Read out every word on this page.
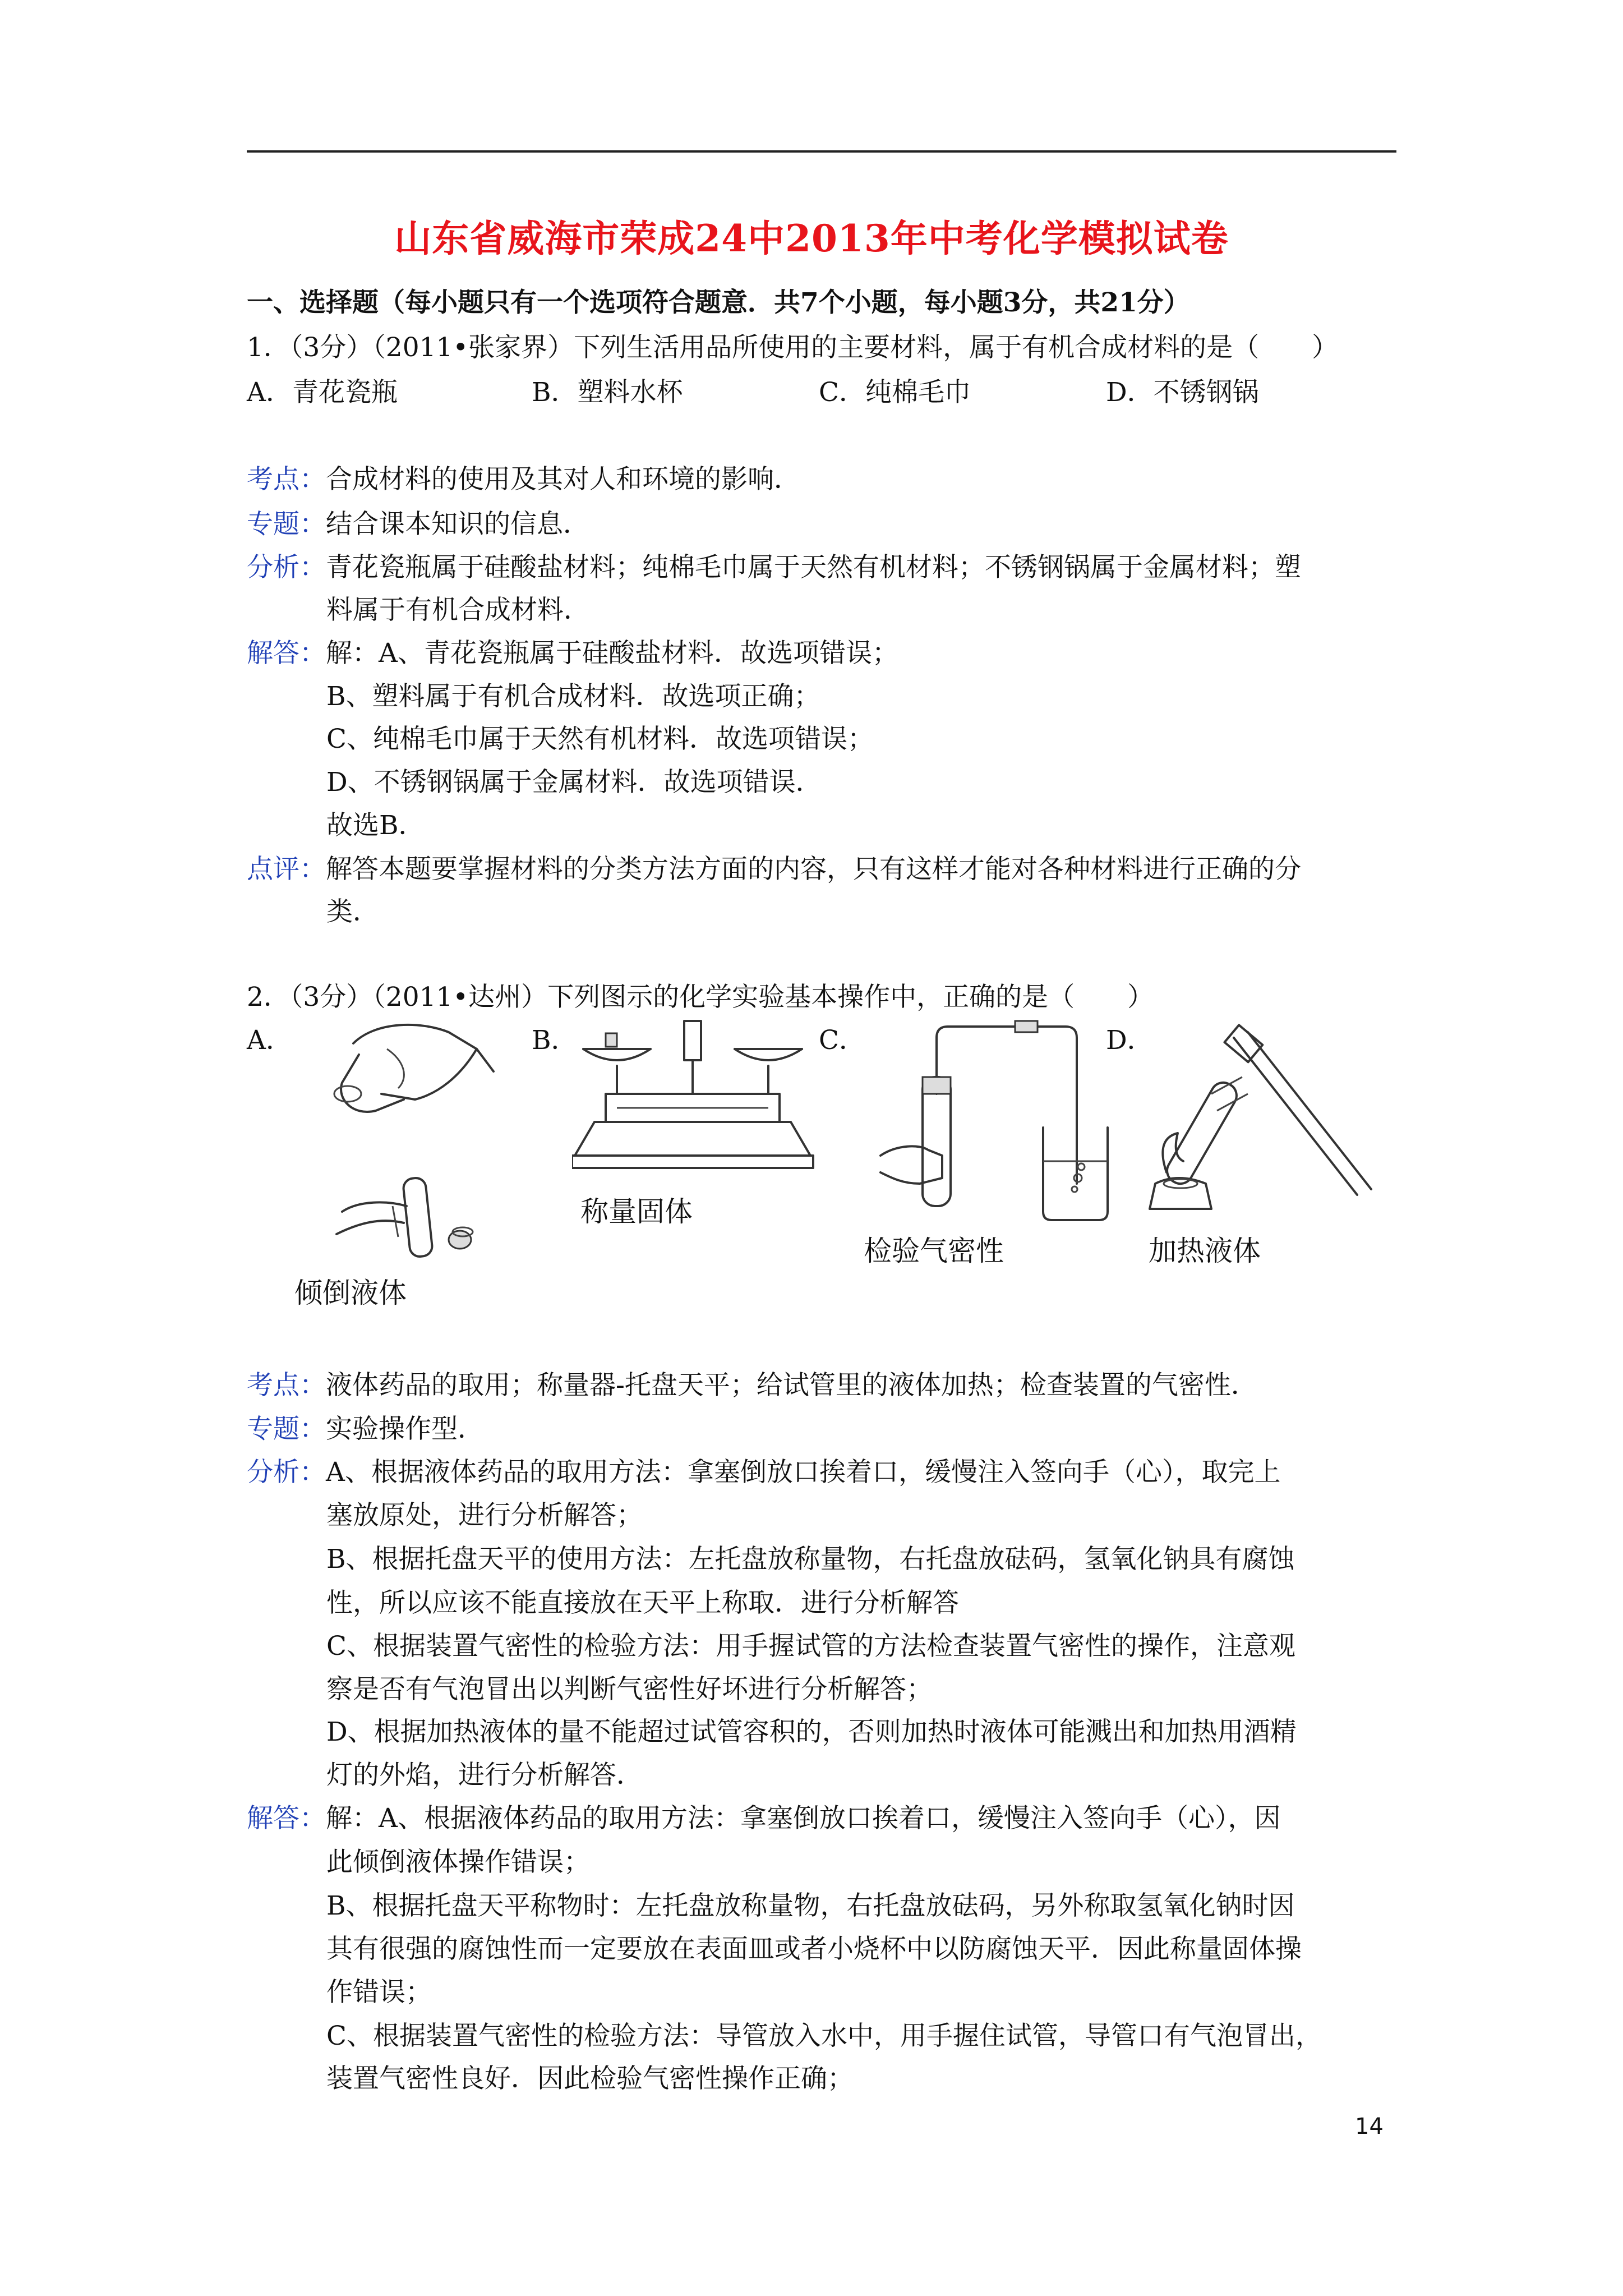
山东省威海市荣成24中2013年中考化学模拟试卷
一、选择题（每小题只有一个选项符合题意．共7个小题，每小题3分，共21分）
1．（3分）（2011•张家界）下列生活用品所使用的主要材料，属于有机合成材料的是（　　）
A．青花瓷瓶	B．塑料水杯	C．纯棉毛巾	D．不锈钢锅
考点：合成材料的使用及其对人和环境的影响．
专题：结合课本知识的信息．
分析：青花瓷瓶属于硅酸盐材料；纯棉毛巾属于天然有机材料；不锈钢锅属于金属材料；塑
料属于有机合成材料．
解答：解：A、青花瓷瓶属于硅酸盐材料．故选项错误；
B、塑料属于有机合成材料．故选项正确；
C、纯棉毛巾属于天然有机材料．故选项错误；
D、不锈钢锅属于金属材料．故选项错误．
故选B．
点评：解答本题要掌握材料的分类方法方面的内容，只有这样才能对各种材料进行正确的分
类．
2．（3分）（2011•达州）下列图示的化学实验基本操作中，正确的是（　　）
A．	B．	C．	D．
倾倒液体
称量固体
检验气密性	加热液体
考点：液体药品的取用；称量器-托盘天平；给试管里的液体加热；检查装置的气密性．
专题：实验操作型．
分析：A、根据液体药品的取用方法：拿塞倒放口挨着口，缓慢注入签向手（心），取完上
塞放原处，进行分析解答；
B、根据托盘天平的使用方法：左托盘放称量物，右托盘放砝码，氢氧化钠具有腐蚀
性，所以应该不能直接放在天平上称取．进行分析解答
C、根据装置气密性的检验方法：用手握试管的方法检查装置气密性的操作，注意观
察是否有气泡冒出以判断气密性好坏进行分析解答；
D、根据加热液体的量不能超过试管容积的，否则加热时液体可能溅出和加热用酒精
灯的外焰，进行分析解答．
解答：解：A、根据液体药品的取用方法：拿塞倒放口挨着口，缓慢注入签向手（心），因
此倾倒液体操作错误；
B、根据托盘天平称物时：左托盘放称量物，右托盘放砝码，另外称取氢氧化钠时因
其有很强的腐蚀性而一定要放在表面皿或者小烧杯中以防腐蚀天平．因此称量固体操
作错误；
C、根据装置气密性的检验方法：导管放入水中，用手握住试管，导管口有气泡冒出，
装置气密性良好．因此检验气密性操作正确；
14
